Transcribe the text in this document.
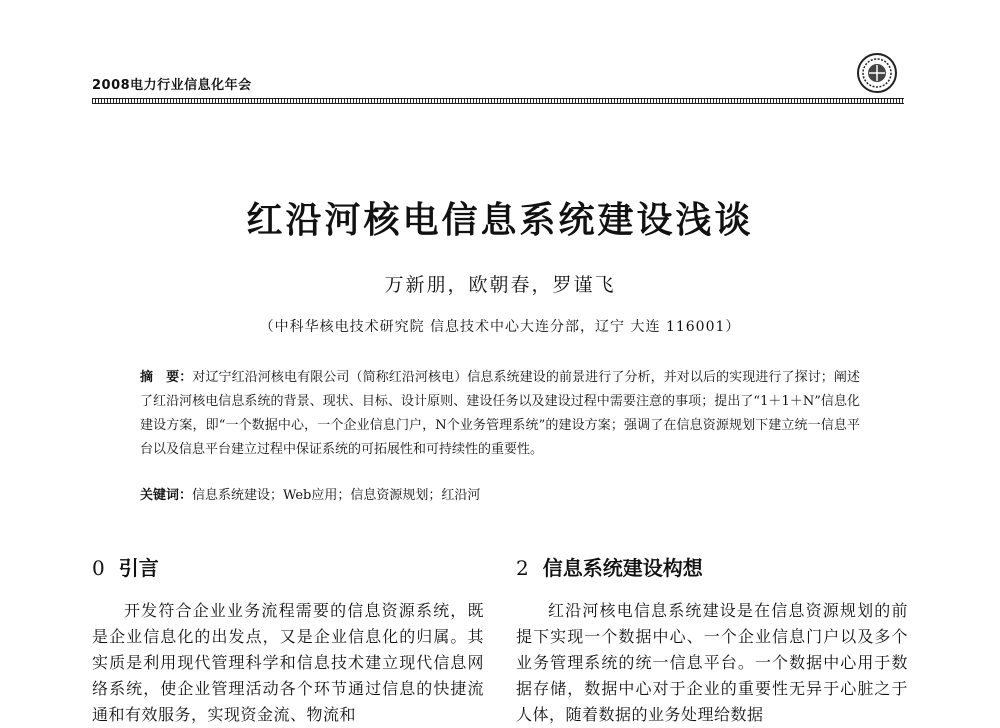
2008电力行业信息化年会
红沿河核电信息系统建设浅谈
万新朋，欧朝春，罗谨飞
（中科华核电技术研究院 信息技术中心大连分部，辽宁 大连 116001）
摘　要：对辽宁红沿河核电有限公司（简称红沿河核电）信息系统建设的前景进行了分析，并对以后的实现进行了探讨；阐述了红沿河核电信息系统的背景、现状、目标、设计原则、建设任务以及建设过程中需要注意的事项；提出了“1＋1＋N”信息化建设方案，即“一个数据中心，一个企业信息门户，N个业务管理系统”的建设方案；强调了在信息资源规划下建立统一信息平台以及信息平台建立过程中保证系统的可拓展性和可持续性的重要性。
关键词：信息系统建设；Web应用；信息资源规划；红沿河
0 引言
开发符合企业业务流程需要的信息资源系统，既是企业信息化的出发点，又是企业信息化的归属。其实质是利用现代管理科学和信息技术建立现代信息网络系统，使企业管理活动各个环节通过信息的快捷流通和有效服务，实现资金流、物流和
2 信息系统建设构想
红沿河核电信息系统建设是在信息资源规划的前提下实现一个数据中心、一个企业信息门户以及多个业务管理系统的统一信息平台。一个数据中心用于数据存储，数据中心对于企业的重要性无异于心脏之于人体，随着数据的业务处理给数据
